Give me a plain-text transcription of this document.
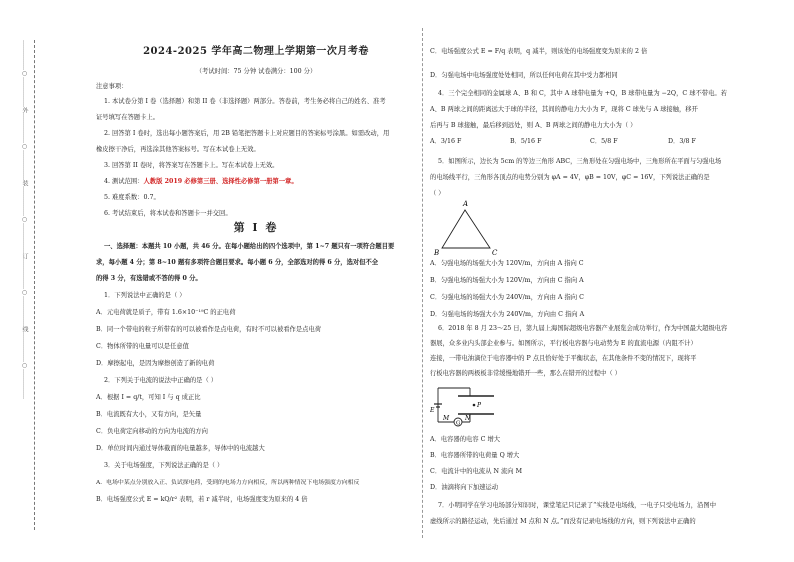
……………○……………外……………○……………装……………○……………订……………○……………线……………○……………	2024-2025 学年高二物理上学期第一次月考卷
（考试时间：75 分钟 试卷满分：100 分）
注意事项：
1. 本试卷分第 I 卷（选择题）和第 II 卷（非选择题）两部分。答卷前，考生务必将自己的姓名、准考
证号填写在答题卡上。
2. 回答第 I 卷时，选出每小题答案后，用 2B 铅笔把答题卡上对应题目的答案标号涂黑。如需改动，用
橡皮擦干净后，再选涂其他答案标号。写在本试卷上无效。
3. 回答第 II 卷时，将答案写在答题卡上。写在本试卷上无效。
4. 测试范围：人教版 2019 必修第三册、选择性必修第一册第一章。
5. 难度系数：0.7。
6. 考试结束后，将本试卷和答题卡一并交回。
第 I 卷
一、选择题：本题共 10 小题，共 46 分。在每小题给出的四个选项中，第 1~7 题只有一项符合题目要
求，每小题 4 分；第 8~10 题有多项符合题目要求。每小题 6 分，全部选对的得 6 分，选对但不全
的得 3 分，有选错或不答的得 0 分。
1．下列说法中正确的是（ ）
A．元电荷就是质子，带有 1.6×10⁻¹⁹C 的正电荷
B．同一个带电的粒子所带有的可以被看作是点电荷，有时不可以被看作是点电荷
C．物体所带的电量可以是任意值
D．摩擦起电，是因为摩擦创造了新的电荷
2．下列关于电流的说法中正确的是（ ）
A．根据 I = q/t，可知 I 与 q 成正比
B．电流既有大小，又有方向，是矢量
C．负电荷定向移动的方向为电流的方向
D．单位时间内通过导体截面的电量越多，导体中的电流越大
3．关于电场强度，下列说法正确的是（ ）
A．电场中某点分别放入正、负试探电荷，受到的电场力方向相反，所以两种情况下电场强度方向相反
B．电场强度公式 E = kQ/r² 表明，若 r 减半时，电场强度变为原来的 4 倍
C．电场强度公式 E = F/q 表明，q 减半，则该处的电场强度变为原来的 2 倍
D．匀强电场中电场强度处处相同，所以任何电荷在其中受力都相同
4．三个完全相同的金属球 A、B 和 C，其中 A 球带电量为 +Q，B 球带电量为 −2Q，C 球不带电。若
A、B 两球之间的距离远大于球的半径，其间的静电力大小为 F，现将 C 球先与 A 球接触，移开
后再与 B 球接触，最后移到远处，则 A、B 两球之间的静电力大小为（ ）
A．3/16 F	B．5/16 F	C．5/8 F	D．3/8 F
5．如图所示，边长为 5cm 的等边三角形 ABC，三角形处在匀强电场中，三角形所在平面与匀强电场
的电场线平行，三角形各顶点的电势分别为 φA = 4V，φB = 10V，φC = 16V，下列说法正确的是
（ ）
A
B	C
A．匀强电场的场强大小为 120V/m，方向由 A 指向 C
B．匀强电场的场强大小为 120V/m，方向由 C 指向 A
C．匀强电场的场强大小为 240V/m，方向由 A 指向 C
D．匀强电场的场强大小为 240V/m，方向由 C 指向 A
6．2018 年 8 月 23～25 日，第九届上海国际超级电容器产业展览会成功举行，作为中国最大超级电容
器展，众多业内头部企业参与。如图所示，平行板电容器与电动势为 E 的直流电源（内阻不计）
连接，一带电油滴位于电容器中的 P 点且恰好处于平衡状态，在其他条件不变的情况下，现将平
行板电容器的两极板非常缓慢地错开一些，那么在错开的过程中（ ）
G
E
P
M	N
A．电容器的电容 C 增大
B．电容器所带的电荷量 Q 增大
C．电流计中的电流从 N 流向 M
D．油滴将向下加速运动
7．小明同学在学习电场部分知识时，课堂笔记只记录了“实线是电场线，一电子只受电场力，沿图中
虚线所示的路径运动，先后通过 M 点和 N 点。”而没有记录电场线的方向，则下列说法中正确的
